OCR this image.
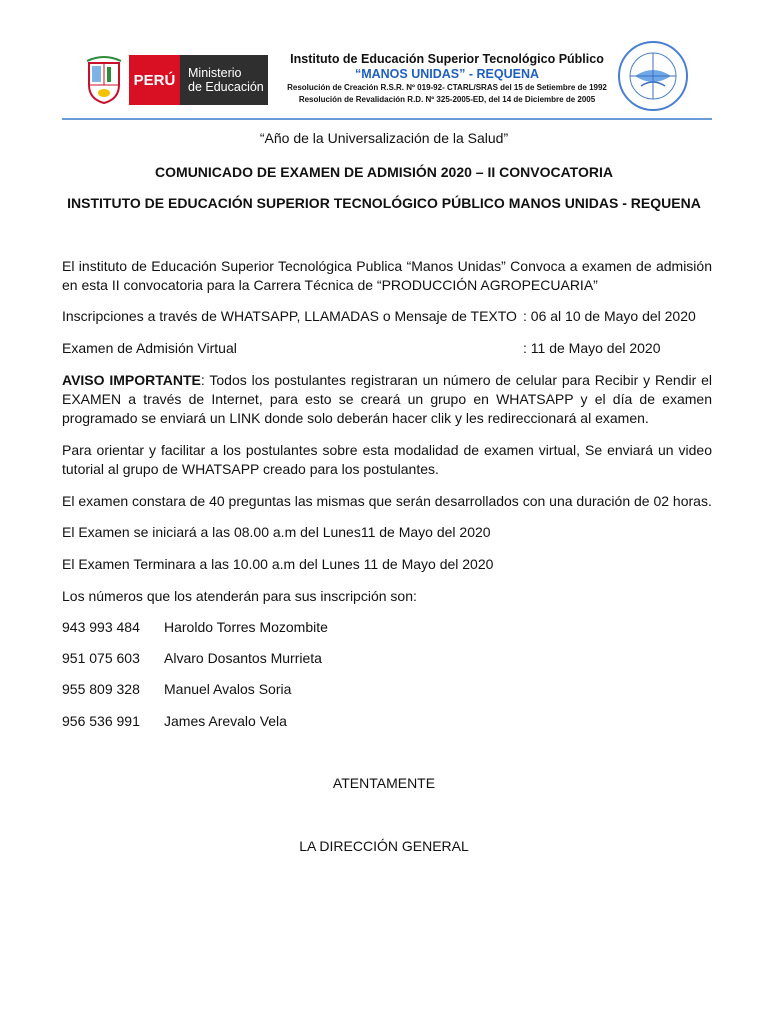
PERÚ	Ministerio
de Educación
Instituto de Educación Superior Tecnológico Público
“MANOS UNIDAS” - REQUENA
Resolución de Creación R.S.R. Nº 019-92- CTARL/SRAS del 15 de Setiembre de 1992
Resolución de Revalidación R.D. Nº 325-2005-ED, del 14 de Diciembre de 2005
“Año de la Universalización de la Salud”
COMUNICADO DE EXAMEN DE ADMISIÓN 2020 – II CONVOCATORIA
INSTITUTO DE EDUCACIÓN SUPERIOR TECNOLÓGICO PÚBLICO MANOS UNIDAS - REQUENA
El instituto de Educación Superior Tecnológica Publica “Manos Unidas” Convoca a examen de admisión en esta II convocatoria para la Carrera Técnica de “PRODUCCIÓN AGROPECUARIA”
Inscripciones a través de WHATSAPP, LLAMADAS o Mensaje de TEXTO : 06 al 10 de Mayo del 2020
Examen de Admisión Virtual	: 11 de Mayo del 2020
AVISO IMPORTANTE: Todos los postulantes registraran un número de celular para Recibir y Rendir el EXAMEN a través de Internet, para esto se creará un grupo en WHATSAPP y el día de examen programado se enviará un LINK donde solo deberán hacer clik y les redireccionará al examen.
Para orientar y facilitar a los postulantes sobre esta modalidad de examen virtual, Se enviará un video tutorial al grupo de WHATSAPP creado para los postulantes.
El examen constara de 40 preguntas las mismas que serán desarrollados con una duración de 02 horas.
El Examen se iniciará a las 08.00 a.m del Lunes11 de Mayo del 2020
El Examen Terminara a las 10.00 a.m del Lunes 11 de Mayo del 2020
Los números que los atenderán para sus inscripción son:
943 993 484 Haroldo Torres Mozombite
951 075 603 Alvaro Dosantos Murrieta
955 809 328 Manuel Avalos Soria
956 536 991 James Arevalo Vela
ATENTAMENTE
LA DIRECCIÓN GENERAL
